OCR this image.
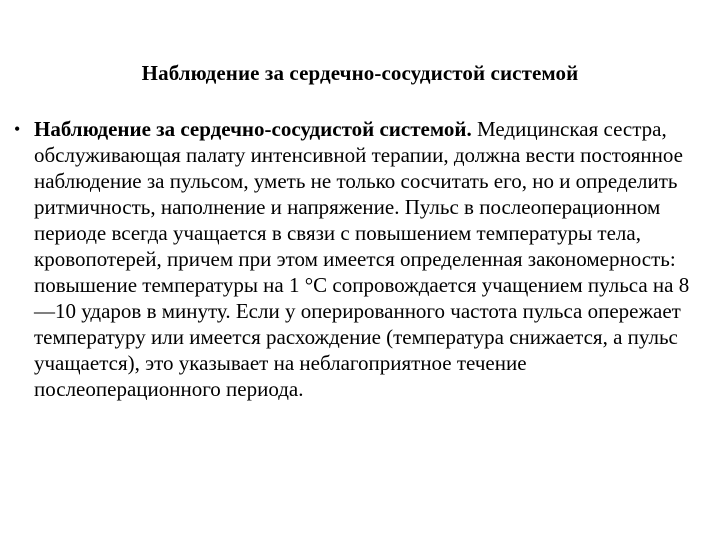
Наблюдение за сердечно-сосудистой системой
• Наблюдение за сердечно-сосудистой системой. Медицинская сестра, обслуживающая палату интенсивной терапии, должна вести постоянное наблюдение за пульсом, уметь не только сосчитать его, но и определить ритмичность, наполнение и напряжение. Пульс в послеоперационном периоде всегда учащается в связи с повышением температуры тела, кровопотерей, причем при этом имеется определенная закономерность: повышение температуры на 1 °С сопровождается учащением пульса на 8—10 ударов в минуту. Если у оперированного частота пульса опережает температуру или имеется расхождение (температура снижается, а пульс учащается), это указывает на неблагоприятное течение послеоперационного периода.
